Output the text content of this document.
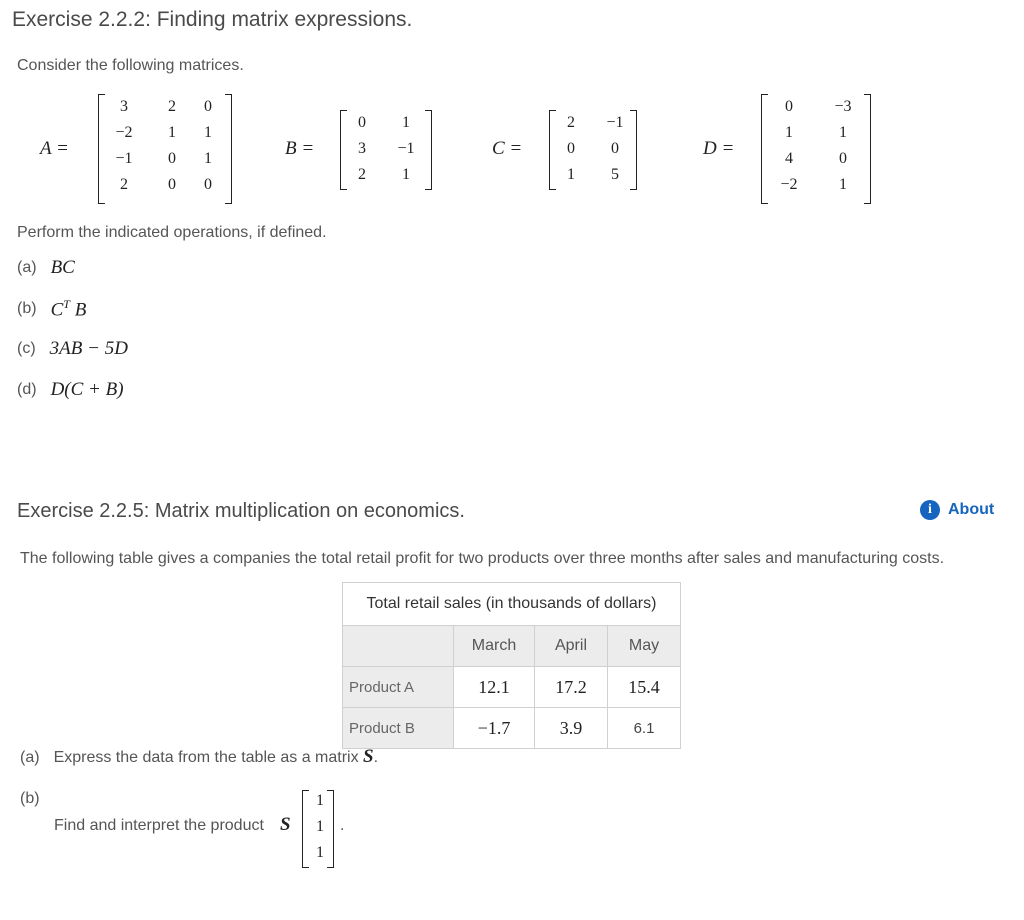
Exercise 2.2.2: Finding matrix expressions.
Consider the following matrices.
A =
3	2	0
−2	1	1
−1	0	1
2	0	0
B =
0	1
3	−1
2	1
C =
2	−1
0	0
1	5
D =
0	−3
1	1
4	0
−2	1
Perform the indicated operations, if defined.
(a) BC
(b) $C^T$ B
(c) 3AB − 5D
(d) D(C + B)
Exercise 2.2.5: Matrix multiplication on economics.	i	About
The following table gives a companies the total retail profit for two products over three months after sales and manufacturing costs.
Total retail sales (in thousands of dollars)			
	March	April	May
Product A	12.1	17.2	15.4
Product B	−1.7	3.9	6.1
(a) Express the data from the table as a matrix S.
(b)
Find and interpret the product S
1
1
1
.
